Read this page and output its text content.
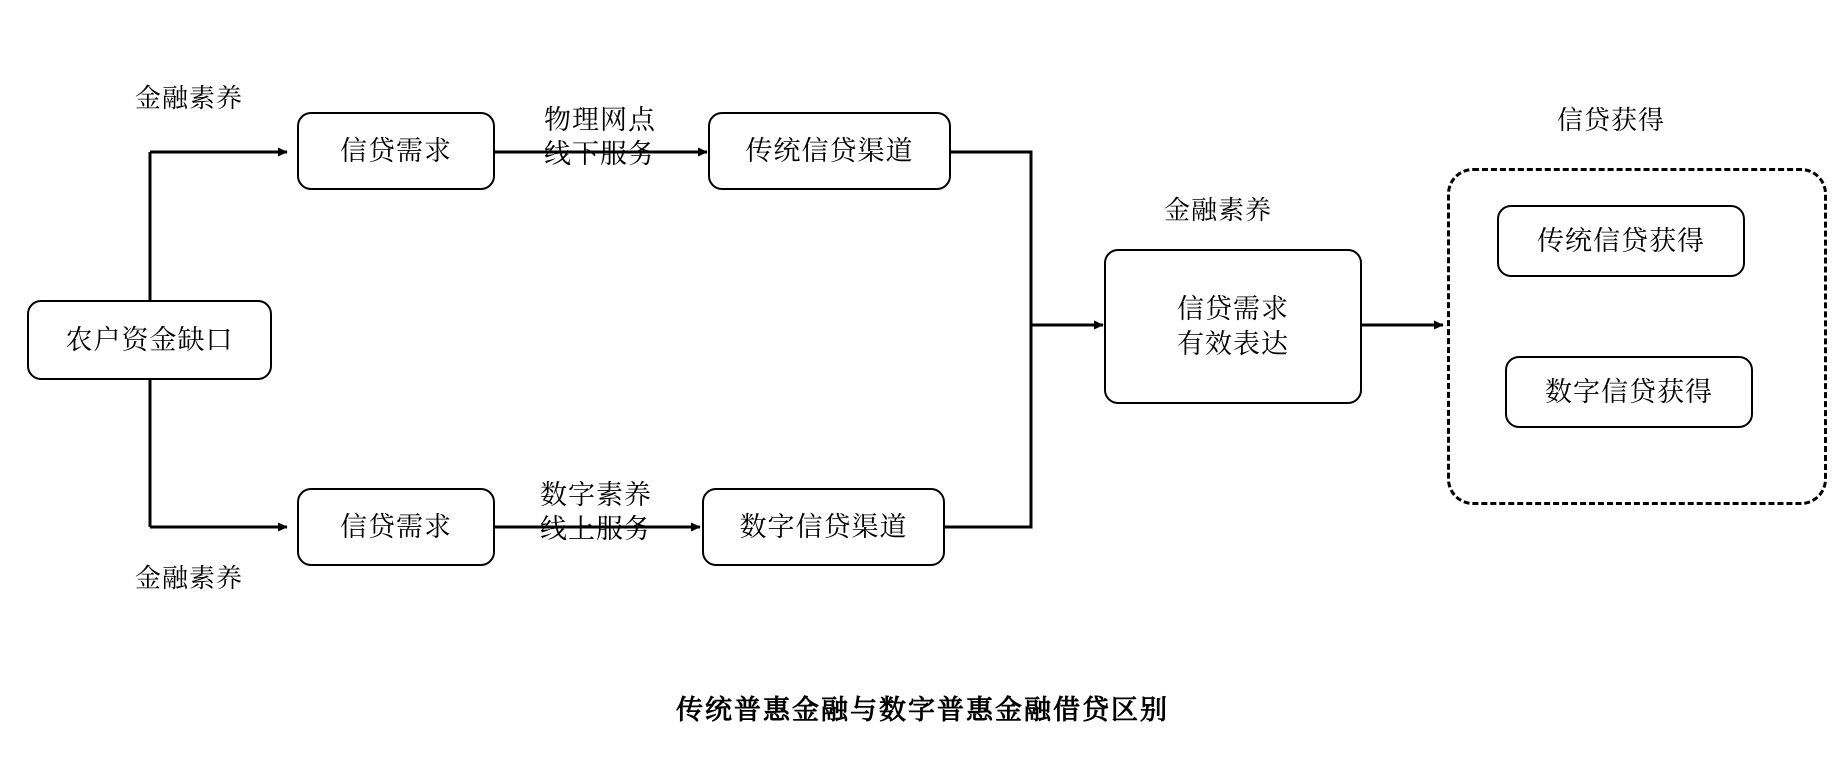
农户资金缺口
信贷需求
信贷需求
传统信贷渠道
数字信贷渠道
信贷需求
有效表达
传统信贷获得
数字信贷获得
金融素养
金融素养
金融素养
信贷获得
物理网点
线下服务
数字素养
线上服务
传统普惠金融与数字普惠金融借贷区别
